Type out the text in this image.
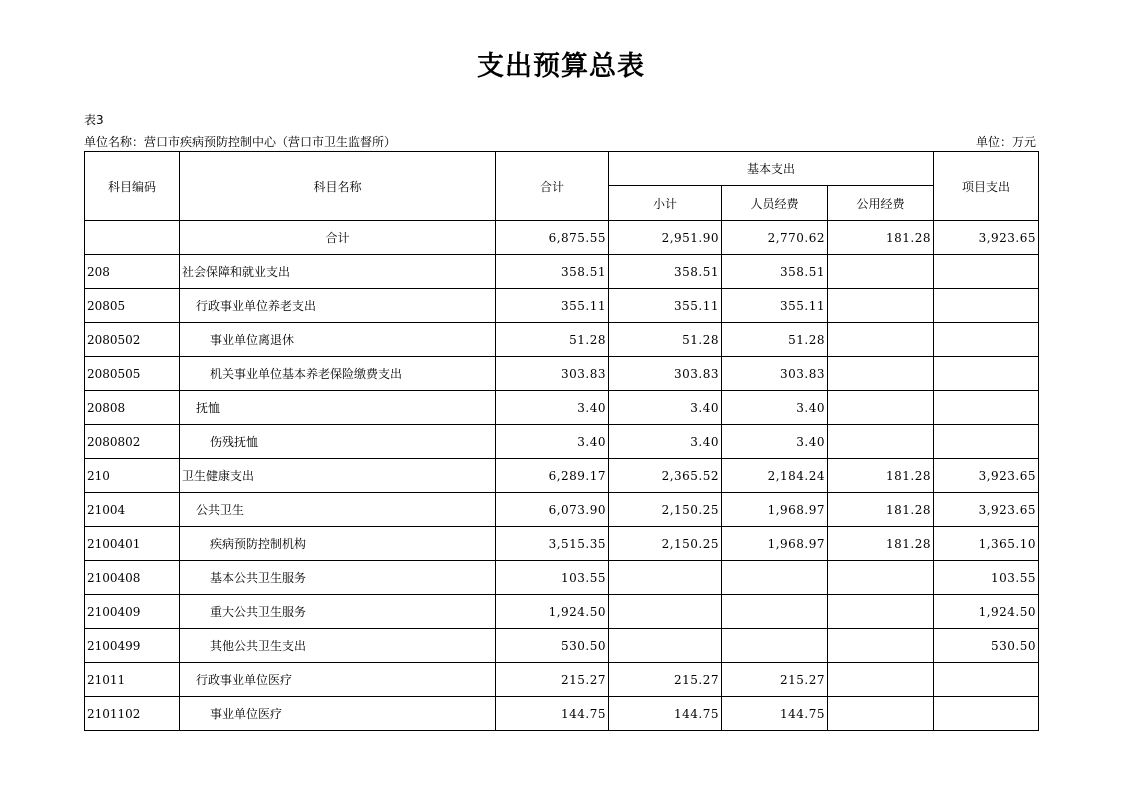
支出预算总表
表3
单位名称：营口市疾病预防控制中心（营口市卫生监督所）	单位：万元
科目编码	科目名称	合计	基本支出			项目支出
			小计	人员经费	公用经费	
	合计	6,875.55	2,951.90	2,770.62	181.28	3,923.65
208	社会保障和就业支出	358.51	358.51	358.51		
20805	行政事业单位养老支出	355.11	355.11	355.11		
2080502	事业单位离退休	51.28	51.28	51.28		
2080505	机关事业单位基本养老保险缴费支出	303.83	303.83	303.83		
20808	抚恤	3.40	3.40	3.40		
2080802	伤残抚恤	3.40	3.40	3.40		
210	卫生健康支出	6,289.17	2,365.52	2,184.24	181.28	3,923.65
21004	公共卫生	6,073.90	2,150.25	1,968.97	181.28	3,923.65
2100401	疾病预防控制机构	3,515.35	2,150.25	1,968.97	181.28	1,365.10
2100408	基本公共卫生服务	103.55				103.55
2100409	重大公共卫生服务	1,924.50				1,924.50
2100499	其他公共卫生支出	530.50				530.50
21011	行政事业单位医疗	215.27	215.27	215.27		
2101102	事业单位医疗	144.75	144.75	144.75		
